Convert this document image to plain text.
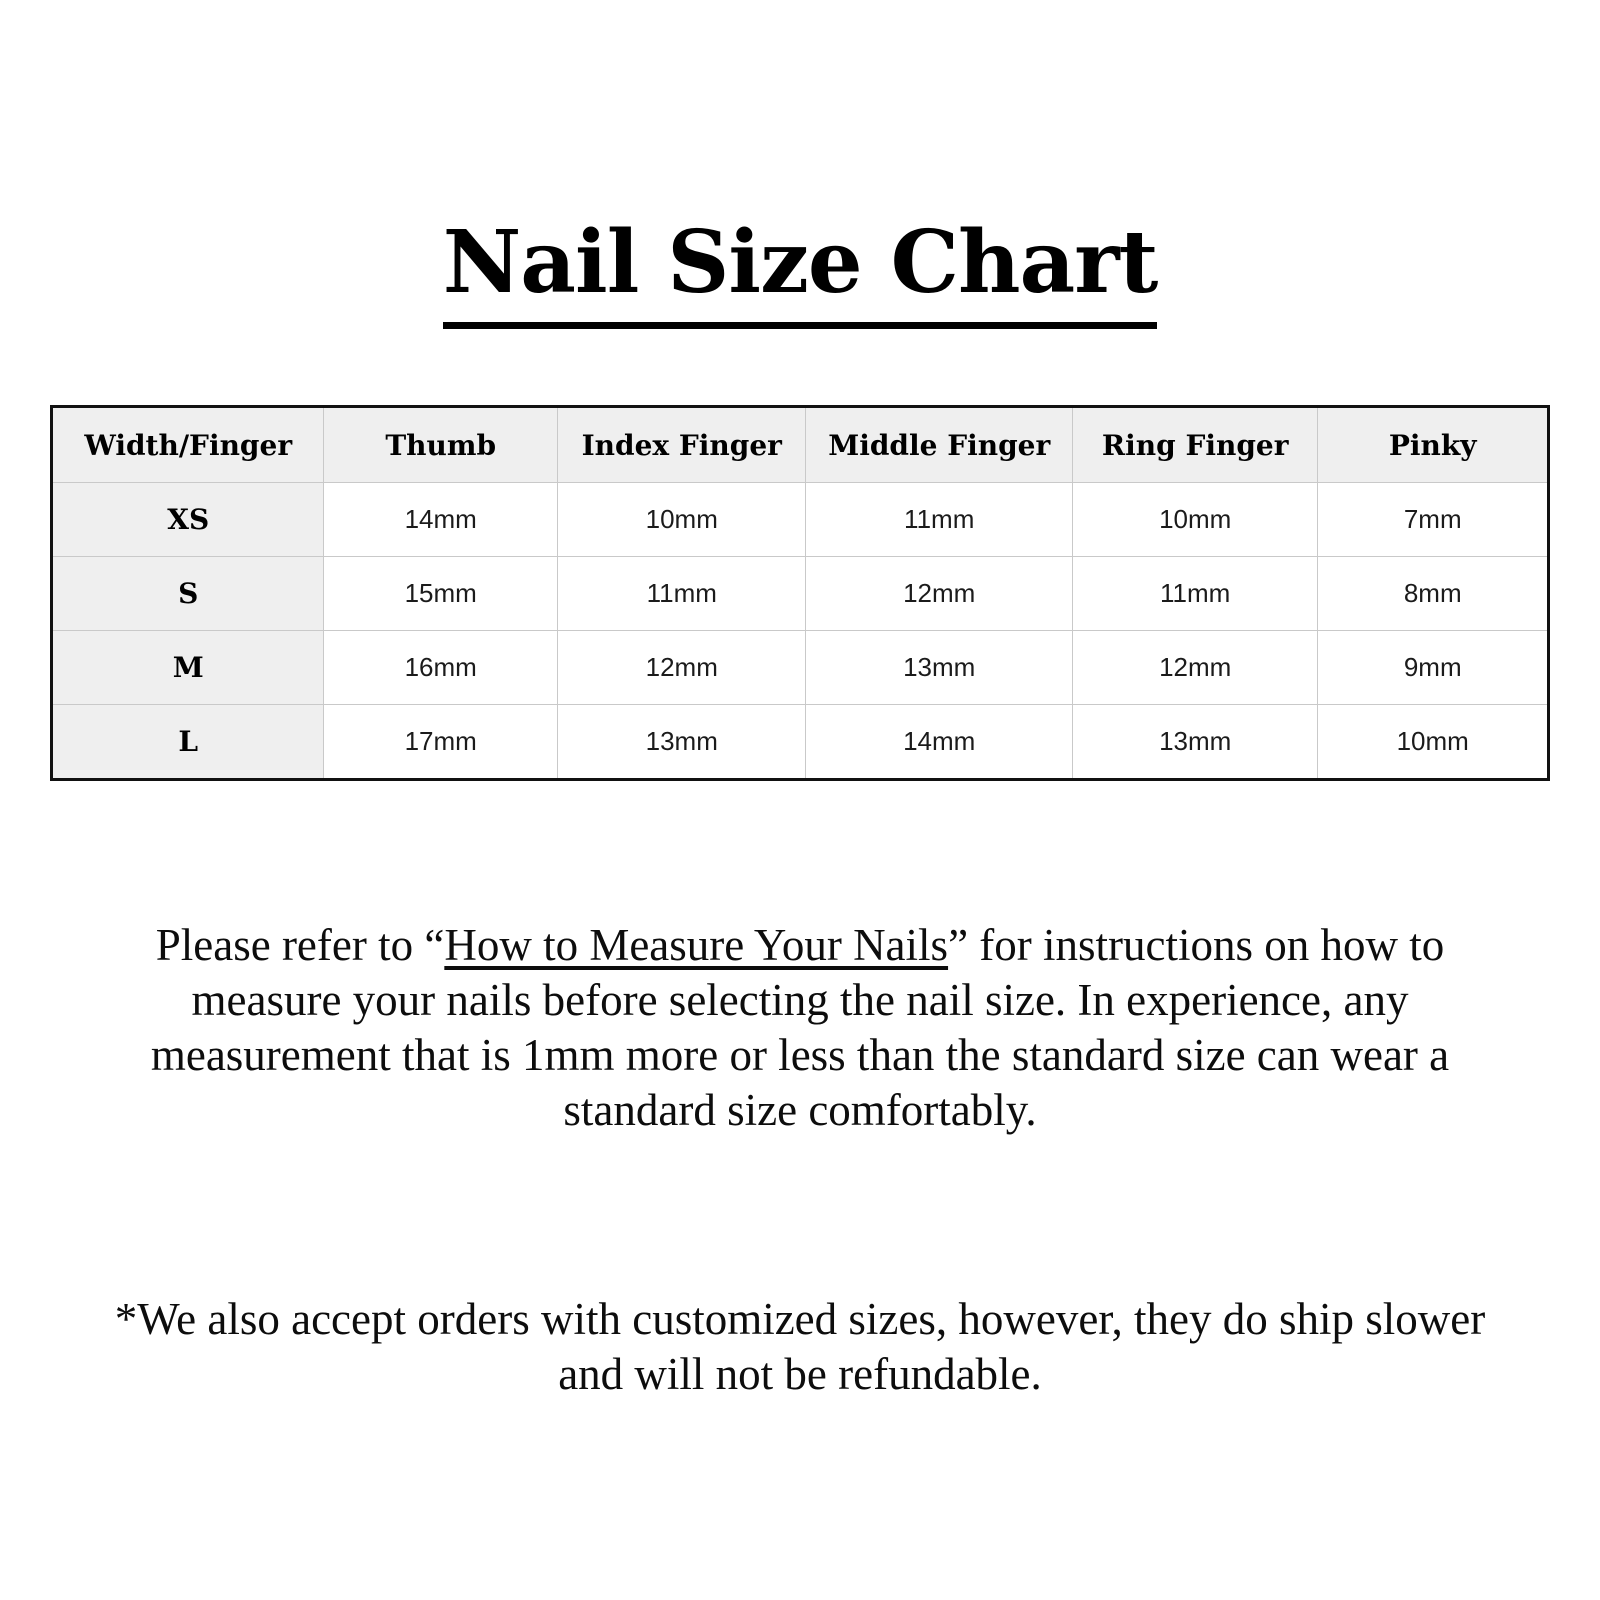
Nail Size Chart
Width/Finger	Thumb	Index Finger	Middle Finger	Ring Finger	Pinky
XS	14mm	10mm	11mm	10mm	7mm
S	15mm	11mm	12mm	11mm	8mm
M	16mm	12mm	13mm	12mm	9mm
L	17mm	13mm	14mm	13mm	10mm

Please refer to “How to Measure Your Nails” for instructions on how to measure your nails before selecting the nail size. In experience, any measurement that is 1mm more or less than the standard size can wear a standard size comfortably.

*We also accept orders with customized sizes, however, they do ship slower and will not be refundable.
